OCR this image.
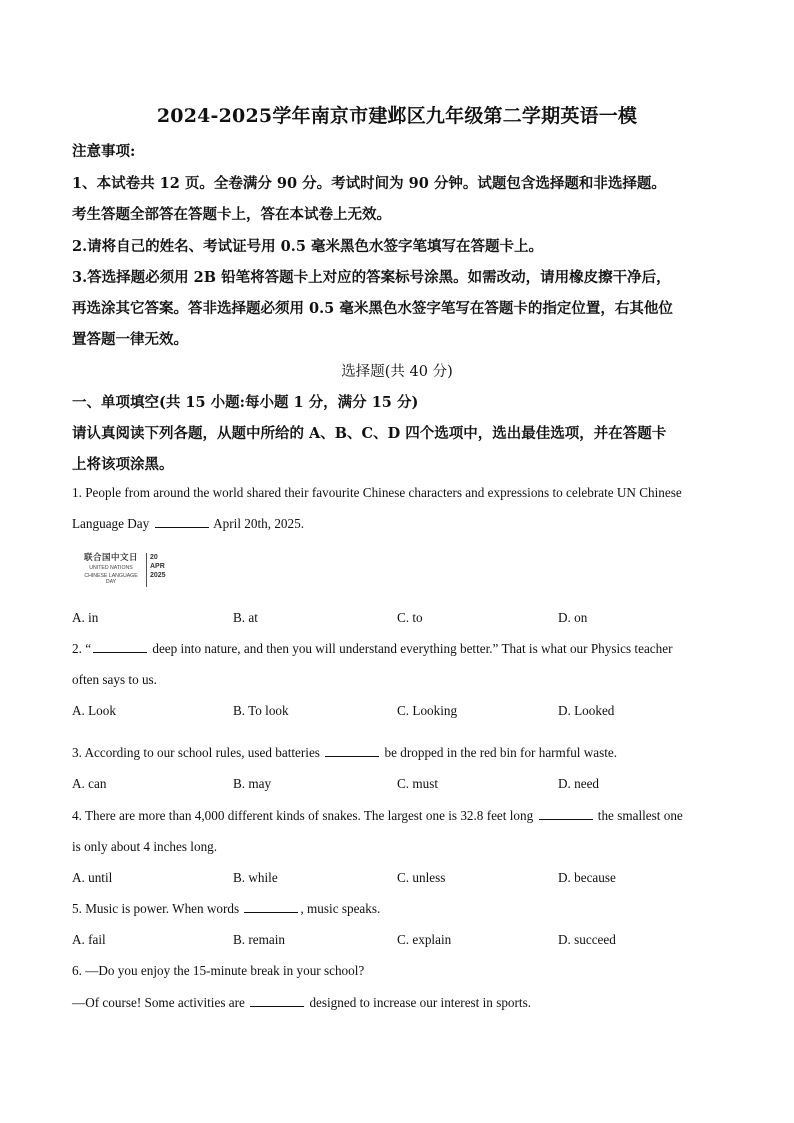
2024-2025学年南京市建邺区九年级第二学期英语一模
注意事项:
1、本试卷共 12 页。全卷满分 90 分。考试时间为 90 分钟。试题包含选择题和非选择题。
考生答题全部答在答题卡上，答在本试卷上无效。
2.请将自己的姓名、考试证号用 0.5 毫米黑色水签字笔填写在答题卡上。
3.答选择题必须用 2B 铅笔将答题卡上对应的答案标号涂黑。如需改动，请用橡皮擦干净后，
再选涂其它答案。答非选择题必须用 0.5 毫米黑色水签字笔写在答题卡的指定位置，右其他位
置答题一律无效。
选择题(共 40 分)
一、单项填空(共 15 小题:每小题 1 分，满分 15 分)
请认真阅读下列各题，从题中所给的 A、B、C、D 四个选项中，选出最佳选项，并在答题卡
上将该项涂黑。
1. People from around the world shared their favourite Chinese characters and expressions to celebrate UN Chinese
Language Day	April 20th, 2025.
联合国中文日
UNITED NATIONS
CHINESE LANGUAGE DAY
20
APR
2025
A. in	B. at	C. to	D. on
2. “	deep into nature, and then you will understand everything better.” That is what our Physics teacher
often says to us.
A. Look	B. To look	C. Looking	D. Looked
3. According to our school rules, used batteries	be dropped in the red bin for harmful waste.
A. can	B. may	C. must	D. need
4. There are more than 4,000 different kinds of snakes. The largest one is 32.8 feet long	the smallest one
is only about 4 inches long.
A. until	B. while	C. unless	D. because
5. Music is power. When words	, music speaks.
A. fail	B. remain	C. explain	D. succeed
6. —Do you enjoy the 15-minute break in your school?
—Of course! Some activities are	designed to increase our interest in sports.
